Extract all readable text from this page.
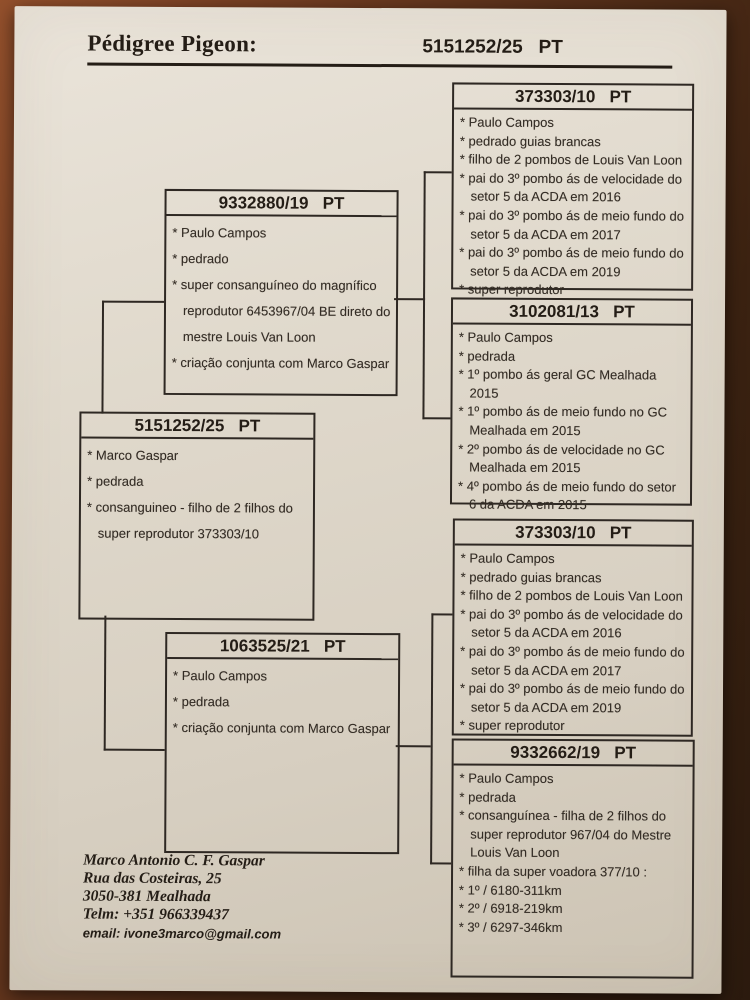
Pédigree Pigeon:	5151252/25   PT
373303/10   PT
* Paulo Campos
* pedrado guias brancas
* filho de 2 pombos de Louis Van Loon
* pai do 3º pombo ás de velocidade do setor 5 da ACDA em 2016
* pai do 3º pombo ás de meio fundo do setor 5 da ACDA em 2017
* pai do 3º pombo ás de meio fundo do setor 5 da ACDA em 2019
* super reprodutor
9332880/19   PT
* Paulo Campos
* pedrado
* super consanguíneo do magnífico reprodutor 6453967/04 BE direto do mestre Louis Van Loon
* criação conjunta com Marco Gaspar
3102081/13   PT
* Paulo Campos
* pedrada
* 1º pombo ás geral GC Mealhada 2015
* 1º pombo ás de meio fundo no GC Mealhada em 2015
* 2º pombo ás de velocidade no GC Mealhada em 2015
* 4º pombo ás de meio fundo do setor 6 da ACDA em 2015
5151252/25   PT
* Marco Gaspar
* pedrada
* consanguineo - filho de 2 filhos do super reprodutor 373303/10	373303/10   PT
* Paulo Campos
* pedrado guias brancas
* filho de 2 pombos de Louis Van Loon
* pai do 3º pombo ás de velocidade do setor 5 da ACDA em 2016
* pai do 3º pombo ás de meio fundo do setor 5 da ACDA em 2017
* pai do 3º pombo ás de meio fundo do setor 5 da ACDA em 2019
* super reprodutor
1063525/21   PT
* Paulo Campos
* pedrada
* criação conjunta com Marco Gaspar
9332662/19   PT
* Paulo Campos
* pedrada
* consanguínea - filha de 2 filhos do super reprodutor 967/04 do Mestre Louis Van Loon
* filha da super voadora 377/10 :
* 1º / 6180-311km
* 2º / 6918-219km
* 3º / 6297-346km
Marco Antonio C. F. Gaspar
Rua das Costeiras, 25
3050-381 Mealhada
Telm: +351 966339437
email: ivone3marco@gmail.com
